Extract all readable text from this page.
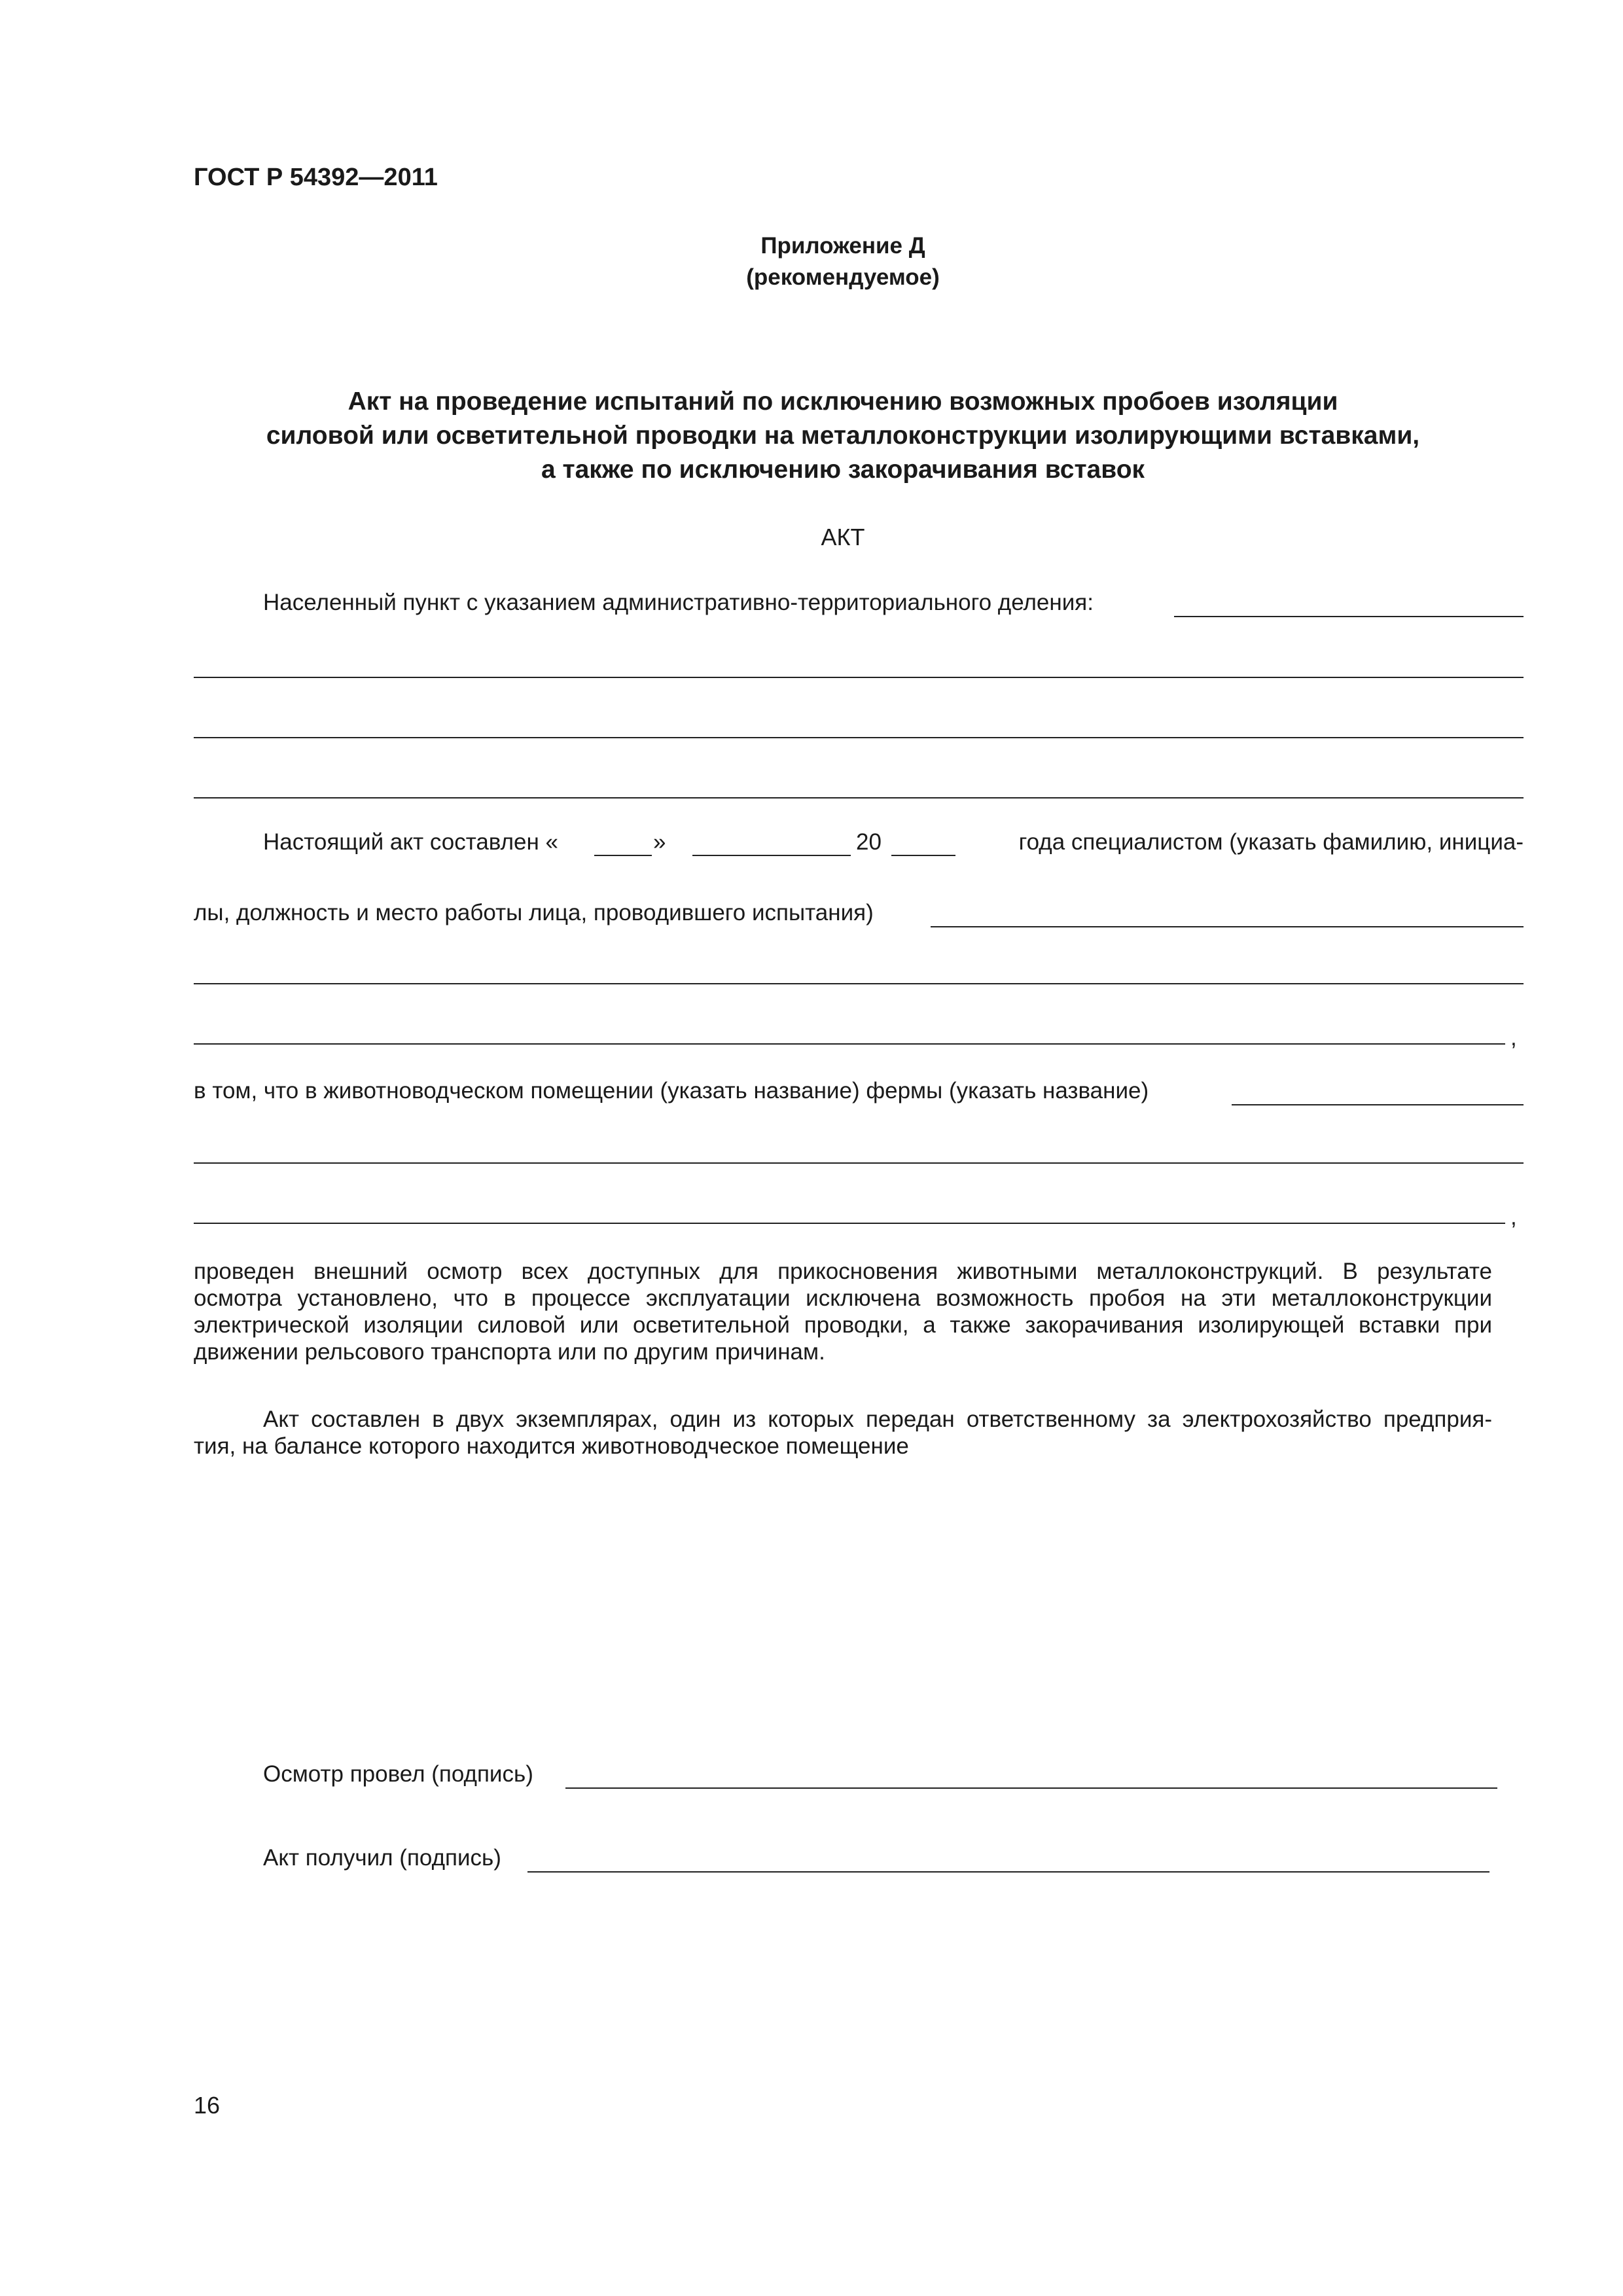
ГОСТ Р 54392—2011
Приложение Д
(рекомендуемое)
Акт на проведение испытаний по исключению возможных пробоев изоляции
силовой или осветительной проводки на металлоконструкции изолирующими вставками,
а также по исключению закорачивания вставок
АКТ
Населенный пункт с указанием административно-территориального деления:
Настоящий акт составлен «	»	20	года специалистом (указать фамилию, инициа-
лы, должность и место работы лица, проводившего испытания)
,
в том, что в животноводческом помещении (указать название) фермы (указать название)
,
проведен внешний осмотр всех доступных для прикосновения животными металлоконструкций. В результате
осмотра установлено, что в процессе эксплуатации исключена возможность пробоя на эти металлоконструкции
электрической изоляции силовой или осветительной проводки, а также закорачивания изолирующей вставки при
движении рельсового транспорта или по другим причинам.
Акт составлен в двух экземплярах, один из которых передан ответственному за электрохозяйство предприя-
тия, на балансе которого находится животноводческое помещение
Осмотр провел (подпись)
Акт получил (подпись)
16
